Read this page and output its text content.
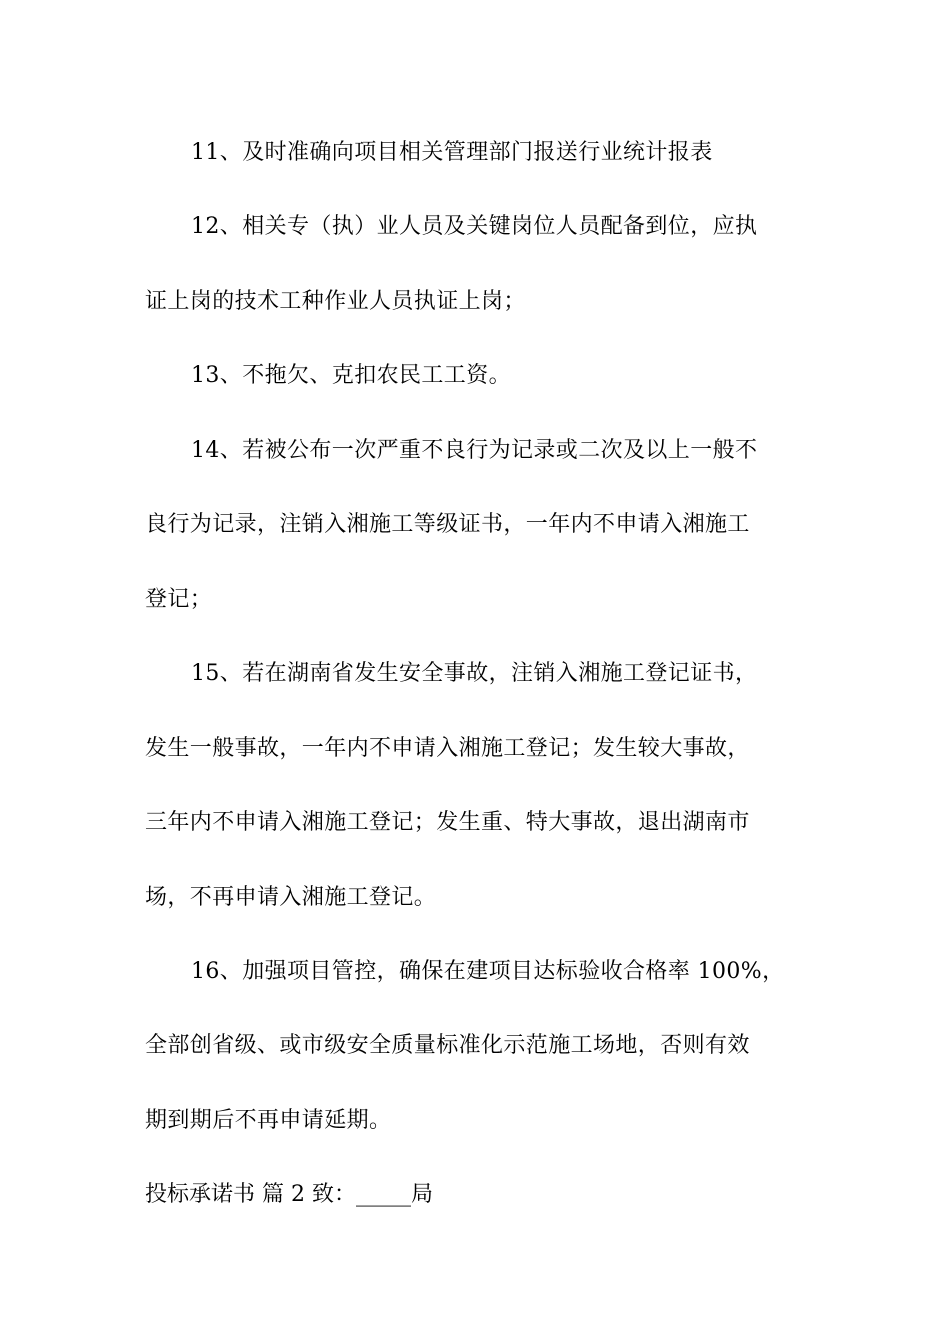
11、及时准确向项目相关管理部门报送行业统计报表
12、相关专（执）业人员及关键岗位人员配备到位，应执
证上岗的技术工种作业人员执证上岗；
13、不拖欠、克扣农民工工资。
14、若被公布一次严重不良行为记录或二次及以上一般不
良行为记录，注销入湘施工等级证书，一年内不申请入湘施工
登记；
15、若在湖南省发生安全事故，注销入湘施工登记证书，
发生一般事故，一年内不申请入湘施工登记；发生较大事故，
三年内不申请入湘施工登记；发生重、特大事故，退出湖南市
场，不再申请入湘施工登记。
16、加强项目管控，确保在建项目达标验收合格率 100%，
全部创省级、或市级安全质量标准化示范施工场地，否则有效
期到期后不再申请延期。
投标承诺书 篇 2 致：_____局
